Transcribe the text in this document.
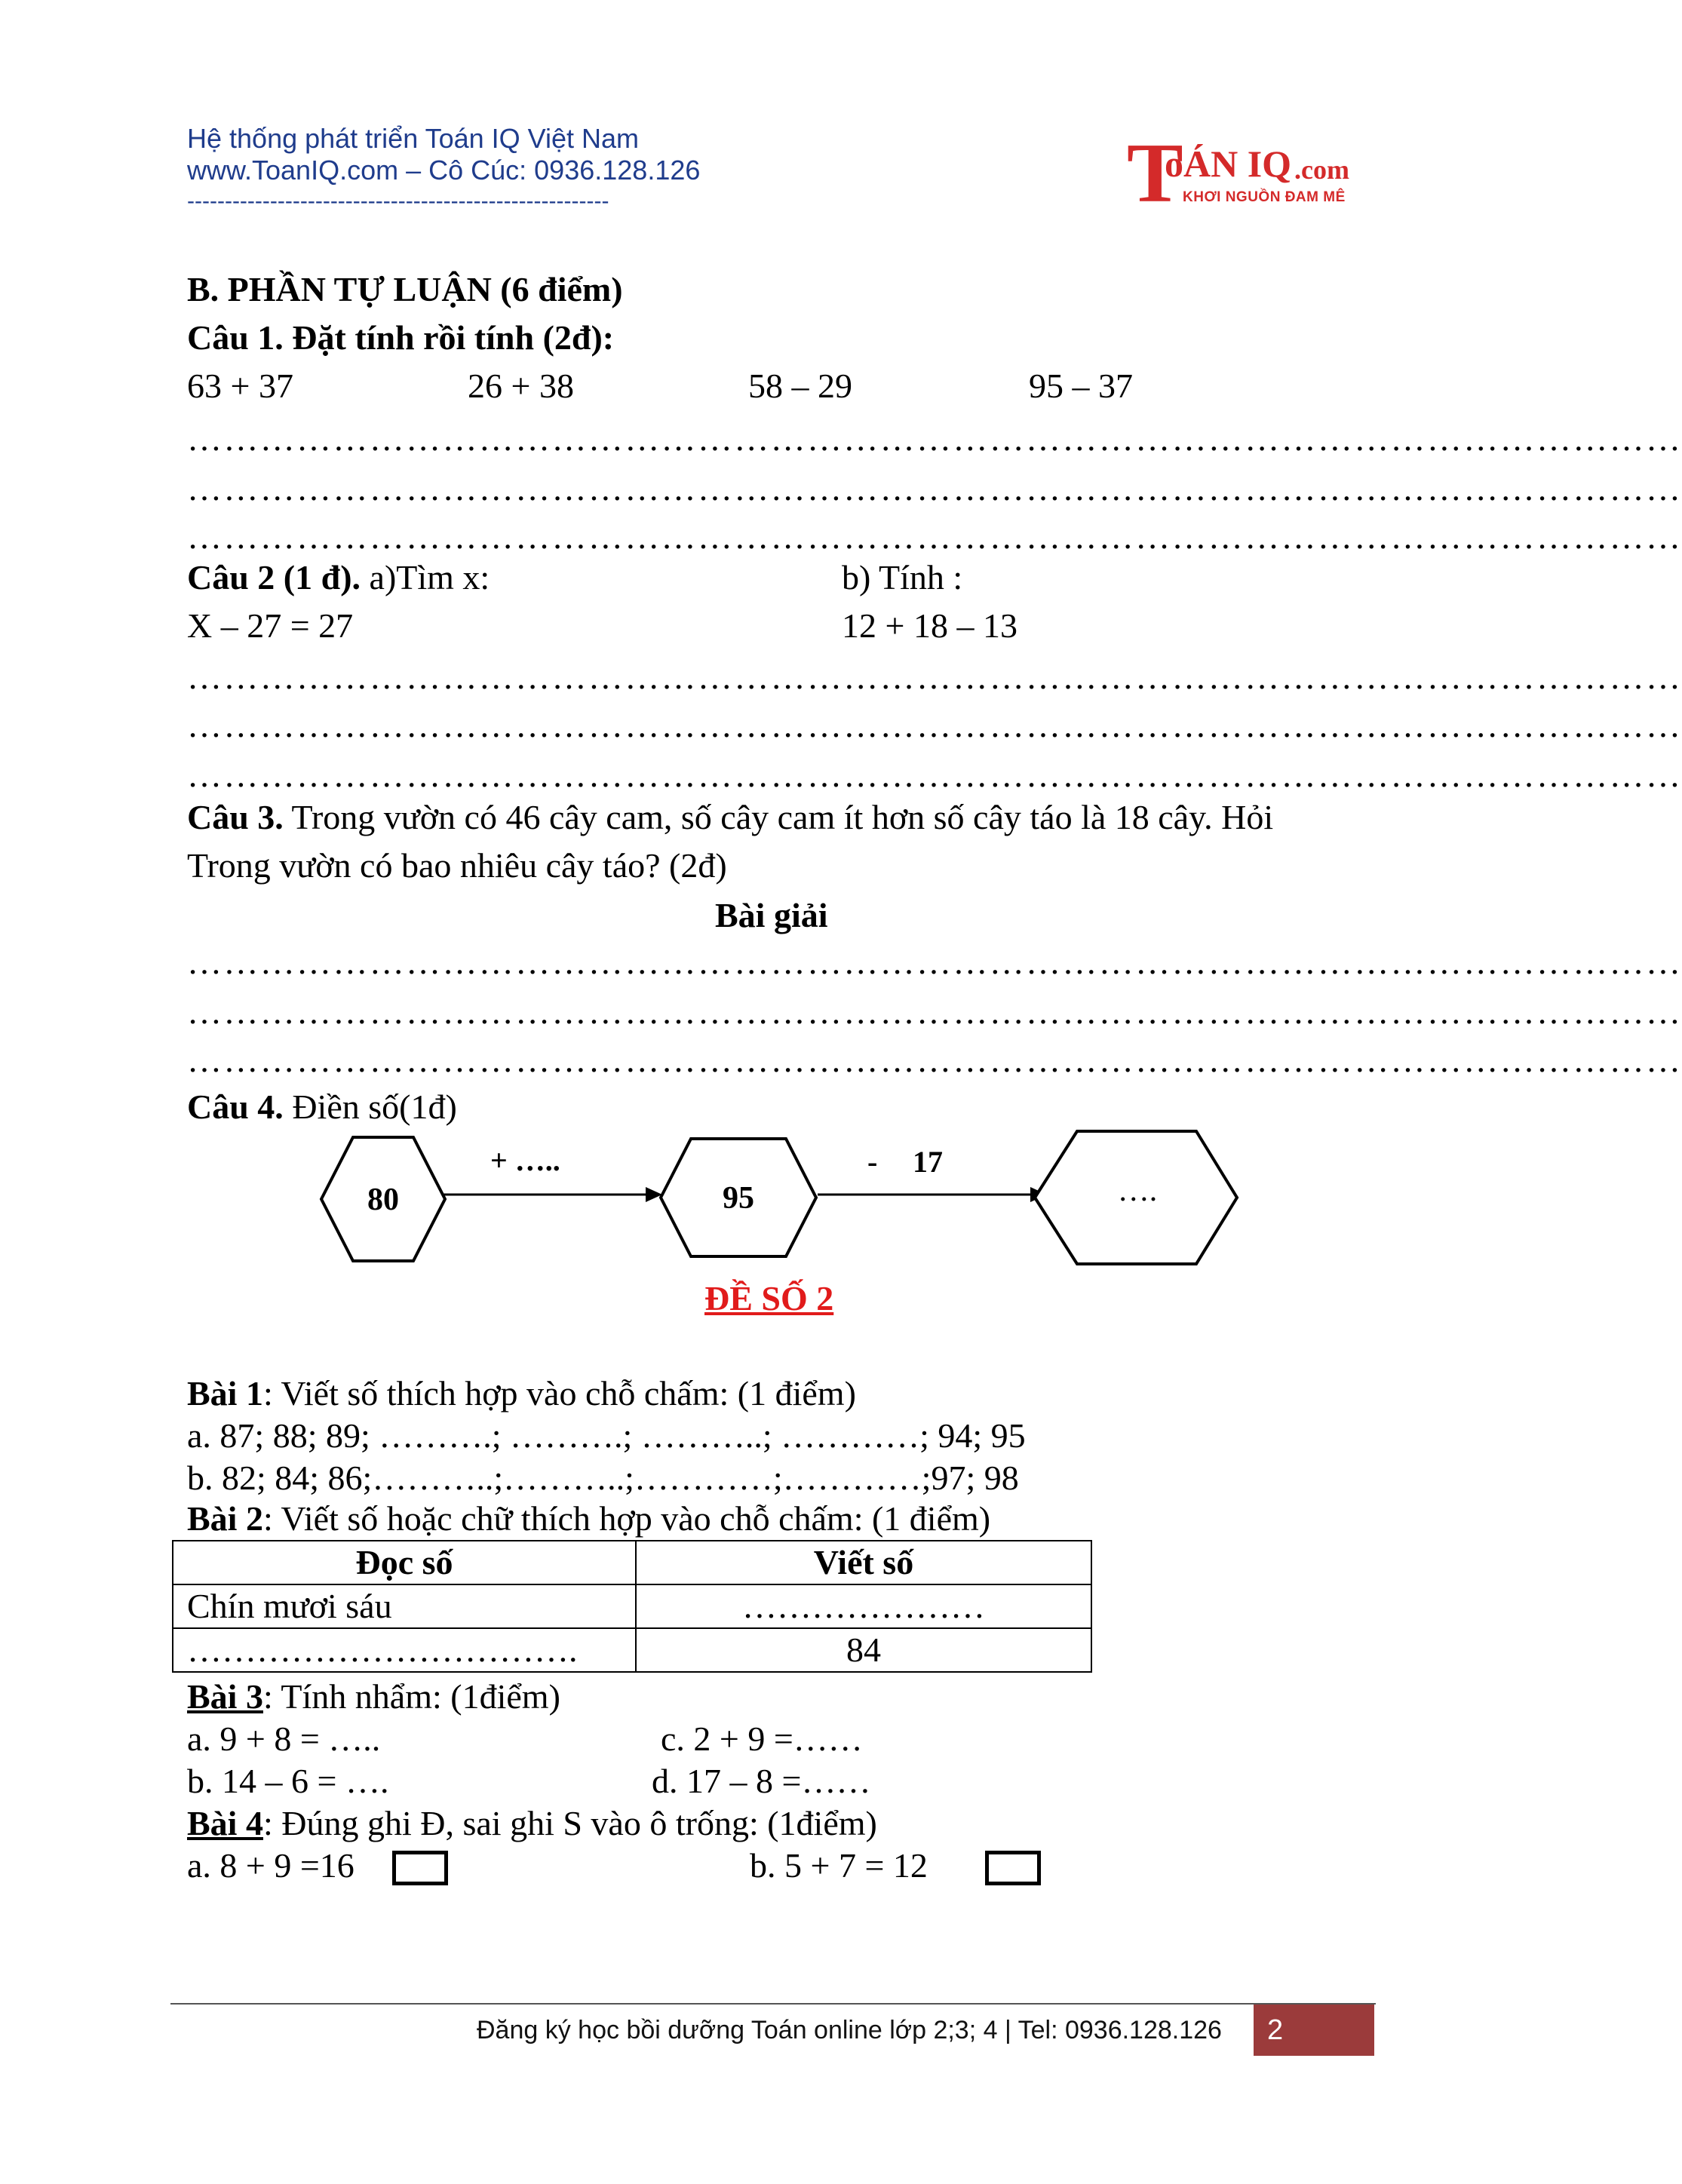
Hệ thống phát triển Toán IQ Việt Nam
www.ToanIQ.com – Cô Cúc: 0936.128.126
--------------------------------------------------------	T
oÁN IQ .com
KHƠI NGUỒN ĐAM MÊ
B. PHẦN TỰ LUẬN (6 điểm)
Câu 1. Đặt tính rồi tính (2đ):
63 + 37	26 + 38	58 – 29	95 – 37
……………………………………………………………………………………………………………
……………………………………………………………………………………………………………
……………………………………………………………………………………………………………
Câu 2 (1 đ). a)Tìm x:	b) Tính :
X – 27 = 27	12 + 18 – 13
……………………………………………………………………………………………………………
……………………………………………………………………………………………………………
……………………………………………………………………………………………………………
Câu 3. Trong vườn có 46 cây cam, số cây cam ít hơn số cây táo là 18 cây. Hỏi
Trong vườn có bao nhiêu cây táo? (2đ)
Bài giải
……………………………………………………………………………………………………………
……………………………………………………………………………………………………………
……………………………………………………………………………………………………………
Câu 4. Điền số(1đ)
80	95	….
+ …..	- 17
ĐỀ SỐ 2
Bài 1: Viết số thích hợp vào chỗ chấm: (1 điểm)
a. 87; 88; 89; ……….; ……….; ………..; …………; 94; 95
b. 82; 84; 86;………..;………..;…………;…………;97; 98
Bài 2: Viết số hoặc chữ thích hợp vào chỗ chấm: (1 điểm)
Đọc số	Viết số
Chín mươi sáu	…………………
…………………………….	84
Bài 3: Tính nhẩm: (1điểm)
a. 9 + 8 = …..	c. 2 + 9 =……
b. 14 – 6 = ….	d. 17 – 8 =……
Bài 4: Đúng ghi Đ, sai ghi S vào ô trống: (1điểm)
a. 8 + 9 =16	b. 5 + 7 = 12
Đăng ký học bồi dưỡng Toán online lớp 2;3; 4 | Tel: 0936.128.126	2
